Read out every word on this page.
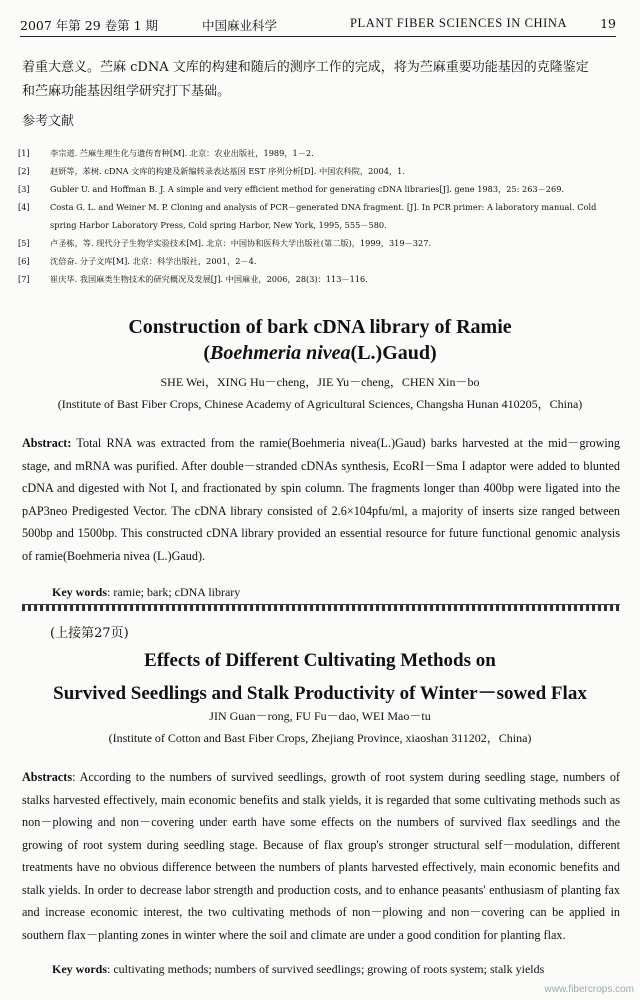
2007 年第 29 卷第 1 期	中国麻业科学	PLANT FIBER SCIENCES IN CHINA	19
着重大意义。苎麻 cDNA 文库的构建和随后的测序工作的完成，将为苎麻重要功能基因的克隆鉴定
和苎麻功能基因组学研究打下基础。
参考文献
[1]	李宗道. 苎麻生理生化与遗传育种[M]. 北京：农业出版社，1989，1－2.
[2]	赵妍等，苯树. cDNA 文库的构建及新编转录表达基因 EST 序列分析[D]. 中国农科院，2004，1.
[3]	Gubler U. and Hoffman B. J. A simple and very efficient method for generating cDNA libraries[J]. gene 1983，25: 263－269.
[4]	Costa G. L. and Weiner M. P. Cloning and analysis of PCR－generated DNA fragment. [J]. In PCR primer: A laboratory manual. Cold spring Harbor Laboratory Press, Cold spring Harbor, New York, 1995, 555－580.
[5]	卢圣栋，等. 现代分子生物学实验技术[M]. 北京：中国协和医科大学出版社(第二版)，1999，319－327.
[6]	沈倍奋. 分子文库[M]. 北京：科学出版社，2001，2－4.
[7]	崔庆华. 我国麻类生物技术的研究概况及发展[J]. 中国麻业，2006，28(3)：113－116.
Construction of bark cDNA library of Ramie
(Boehmeria nivea(L.)Gaud)
SHE Wei，XING Hu－cheng，JIE Yu－cheng，CHEN Xin－bo
(Institute of Bast Fiber Crops, Chinese Academy of Agricultural Sciences, Changsha Hunan 410205，China)
Abstract: Total RNA was extracted from the ramie(Boehmeria nivea(L.)Gaud) barks harvested at the mid－growing stage, and mRNA was purified. After double－stranded cDNAs synthesis, EcoRI－Sma I adaptor were added to blunted cDNA and digested with Not I, and fractionated by spin column. The fragments longer than 400bp were ligated into the pAP3neo Predigested Vector. The cDNA library consisted of 2.6×104pfu/ml, a majority of inserts size ranged between 500bp and 1500bp. This constructed cDNA library provided an essential resource for future functional genomic analysis of ramie(Boehmeria nivea (L.)Gaud).
Key words: ramie; bark; cDNA library
(上接第27页)
Effects of Different Cultivating Methods on
Survived Seedlings and Stalk Productivity of Winter－sowed Flax
JIN Guan－rong, FU Fu－dao, WEI Mao－tu
(Institute of Cotton and Bast Fiber Crops, Zhejiang Province, xiaoshan 311202，China)
Abstracts: According to the numbers of survived seedlings, growth of root system during seedling stage, numbers of stalks harvested effectively, main economic benefits and stalk yields, it is regarded that some cultivating methods such as non－plowing and non－covering under earth have some effects on the numbers of survived flax seedlings and the growing of root system during seedling stage. Because of flax group's stronger structural self－modulation, different treatments have no obvious difference between the numbers of plants harvested effectively, main economic benefits and stalk yields. In order to decrease labor strength and production costs, and to enhance peasants' enthusiasm of planting fax and increase economic interest, the two cultivating methods of non－plowing and non－covering can be applied in southern flax－planting zones in winter where the soil and climate are under a good condition for planting flax.
Key words: cultivating methods; numbers of survived seedlings; growing of roots system; stalk yields
www.fibercrops.com
